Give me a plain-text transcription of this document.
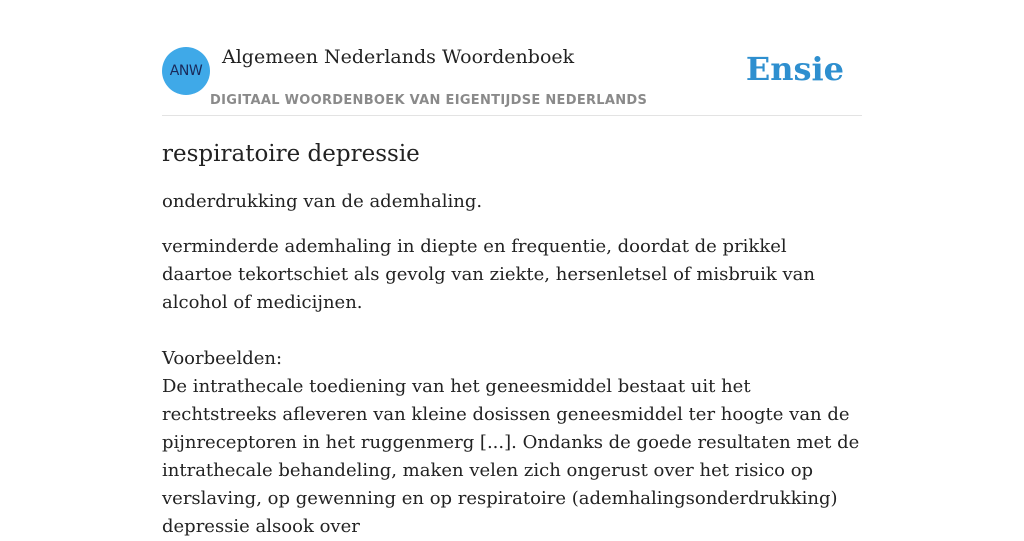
ANW
Algemeen Nederlands Woordenboek
DIGITAAL WOORDENBOEK VAN EIGENTIJDSE NEDERLANDS
Ensie
respiratoire depressie

onderdrukking van de ademhaling.

verminderde ademhaling in diepte en frequentie, doordat de prikkel daartoe tekortschiet als gevolg van ziekte, hersenletsel of misbruik van alcohol of medicijnen.

Voorbeelden:

De intrathecale toediening van het geneesmiddel bestaat uit het rechtstreeks afleveren van kleine dosissen geneesmiddel ter hoogte van de pijnreceptoren in het ruggenmerg [...]. Ondanks de goede resultaten met de intrathecale behandeling, maken velen zich ongerust over het risico op verslaving, op gewenning en op respiratoire (ademhalingsonderdrukking) depressie alsook over
